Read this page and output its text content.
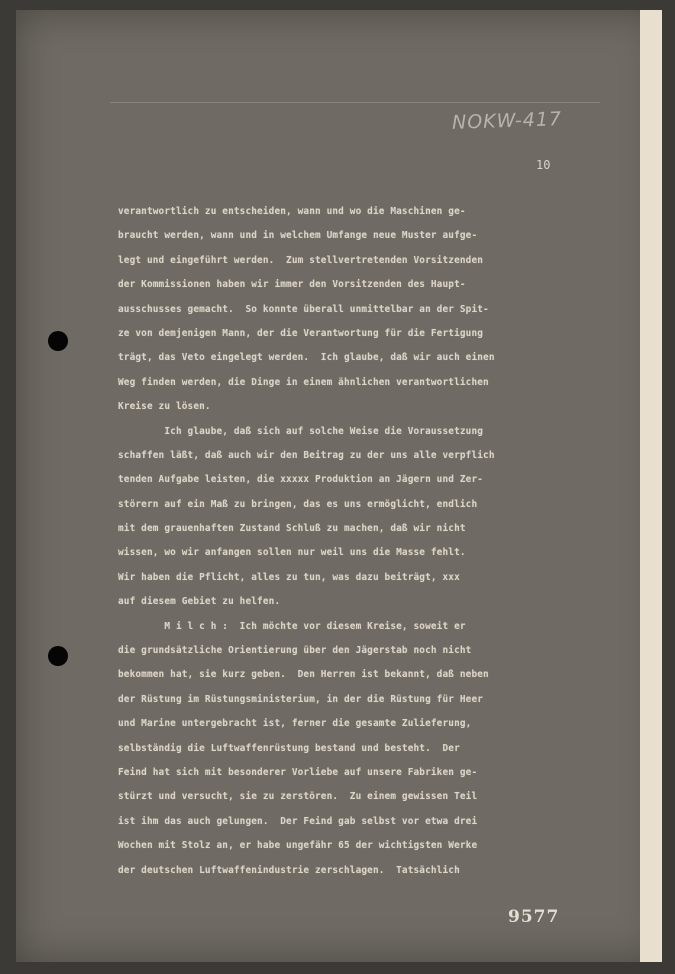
NOKW-417
10
verantwortlich zu entscheiden, wann und wo die Maschinen ge-
braucht werden, wann und in welchem Umfange neue Muster aufge-
legt und eingeführt werden.  Zum stellvertretenden Vorsitzenden
der Kommissionen haben wir immer den Vorsitzenden des Haupt-
ausschusses gemacht.  So konnte überall unmittelbar an der Spit-
ze von demjenigen Mann, der die Verantwortung für die Fertigung
trägt, das Veto eingelegt werden.  Ich glaube, daß wir auch einen
Weg finden werden, die Dinge in einem ähnlichen verantwortlichen
Kreise zu lösen.
Ich glaube, daß sich auf solche Weise die Voraussetzung
schaffen läßt, daß auch wir den Beitrag zu der uns alle verpflich
tenden Aufgabe leisten, die xxxxx Produktion an Jägern und Zer-
störern auf ein Maß zu bringen, das es uns ermöglicht, endlich
mit dem grauenhaften Zustand Schluß zu machen, daß wir nicht
wissen, wo wir anfangen sollen nur weil uns die Masse fehlt.
Wir haben die Pflicht, alles zu tun, was dazu beiträgt, xxx
auf diesem Gebiet zu helfen.
M i l c h :  Ich möchte vor diesem Kreise, soweit er
die grundsätzliche Orientierung über den Jägerstab noch nicht
bekommen hat, sie kurz geben.  Den Herren ist bekannt, daß neben
der Rüstung im Rüstungsministerium, in der die Rüstung für Heer
und Marine untergebracht ist, ferner die gesamte Zulieferung,
selbständig die Luftwaffenrüstung bestand und besteht.  Der
Feind hat sich mit besonderer Vorliebe auf unsere Fabriken ge-
stürzt und versucht, sie zu zerstören.  Zu einem gewissen Teil
ist ihm das auch gelungen.  Der Feind gab selbst vor etwa drei
Wochen mit Stolz an, er habe ungefähr 65 der wichtigsten Werke
der deutschen Luftwaffenindustrie zerschlagen.  Tatsächlich
9577
